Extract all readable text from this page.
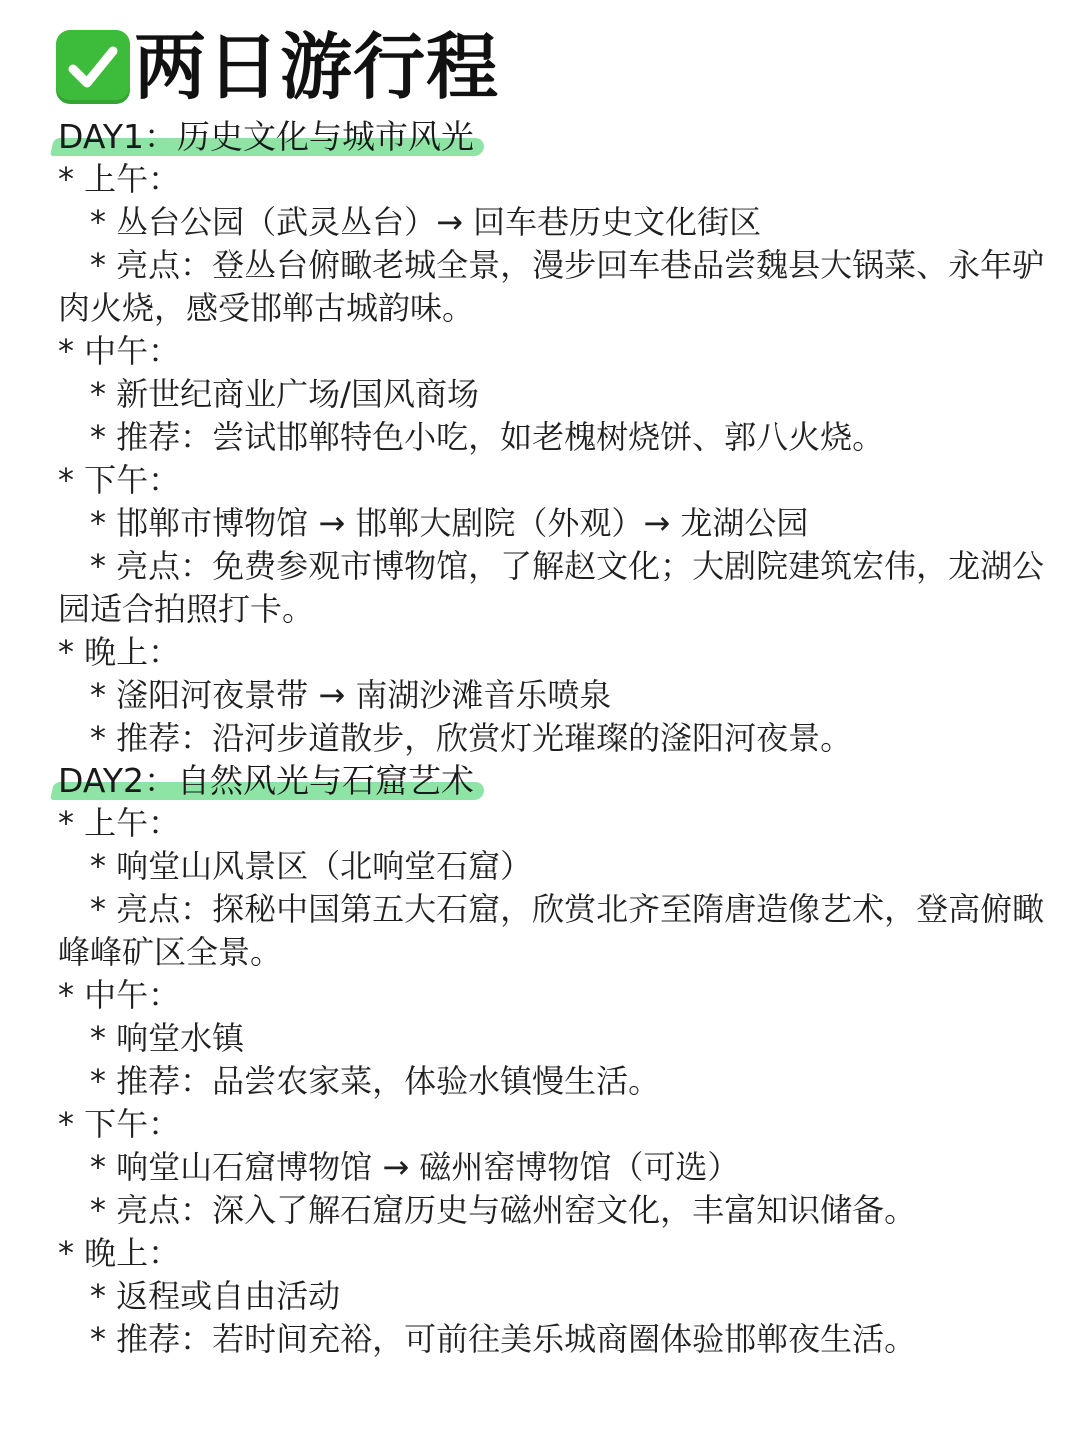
两日游行程
DAY1：历史文化与城市风光

* 上午：

* 丛台公园（武灵丛台）→ 回车巷历史文化街区

* 亮点：登丛台俯瞰老城全景，漫步回车巷品尝魏县大锅菜、永年驴肉火烧，感受邯郸古城韵味。

* 中午：

* 新世纪商业广场/国风商场

* 推荐：尝试邯郸特色小吃，如老槐树烧饼、郭八火烧。

* 下午：

* 邯郸市博物馆 → 邯郸大剧院（外观）→ 龙湖公园

* 亮点：免费参观市博物馆，了解赵文化；大剧院建筑宏伟，龙湖公园适合拍照打卡。

* 晚上：

* 滏阳河夜景带 → 南湖沙滩音乐喷泉

* 推荐：沿河步道散步，欣赏灯光璀璨的滏阳河夜景。

DAY2：自然风光与石窟艺术

* 上午：

* 响堂山风景区（北响堂石窟）

* 亮点：探秘中国第五大石窟，欣赏北齐至隋唐造像艺术，登高俯瞰峰峰矿区全景。

* 中午：

* 响堂水镇

* 推荐：品尝农家菜，体验水镇慢生活。

* 下午：

* 响堂山石窟博物馆 → 磁州窑博物馆（可选）

* 亮点：深入了解石窟历史与磁州窑文化，丰富知识储备。

* 晚上：

* 返程或自由活动

* 推荐：若时间充裕，可前往美乐城商圈体验邯郸夜生活。
